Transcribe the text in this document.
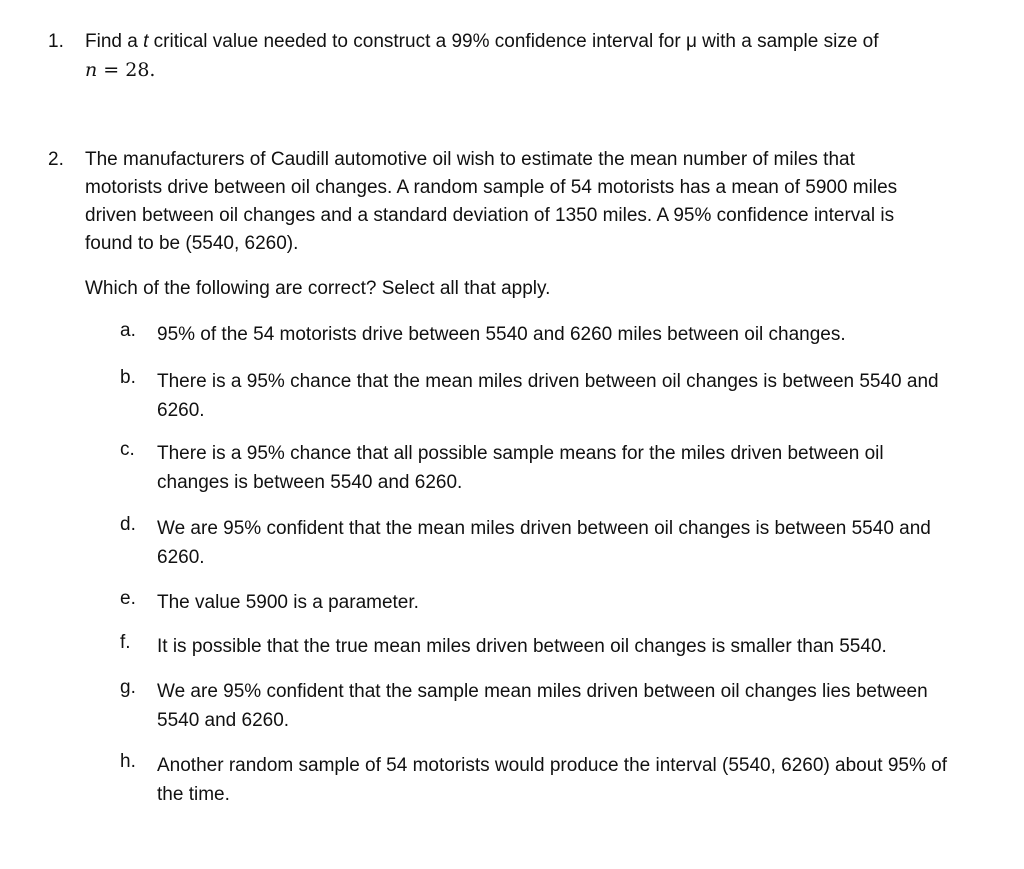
1. Find a t critical value needed to construct a 99% confidence interval for μ with a sample size of
n = 28.
2. The manufacturers of Caudill automotive oil wish to estimate the mean number of miles that motorists drive between oil changes. A random sample of 54 motorists has a mean of 5900 miles driven between oil changes and a standard deviation of 1350 miles. A 95% confidence interval is found to be (5540, 6260).
Which of the following are correct? Select all that apply.
a.	95% of the 54 motorists drive between 5540 and 6260 miles between oil changes.
b.	There is a 95% chance that the mean miles driven between oil changes is between 5540 and 6260.
c.	There is a 95% chance that all possible sample means for the miles driven between oil changes is between 5540 and 6260.
d.	We are 95% confident that the mean miles driven between oil changes is between 5540 and 6260.
e.	The value 5900 is a parameter.
f.	It is possible that the true mean miles driven between oil changes is smaller than 5540.
g.	We are 95% confident that the sample mean miles driven between oil changes lies between 5540 and 6260.
h.	Another random sample of 54 motorists would produce the interval (5540, 6260) about 95% of the time.
